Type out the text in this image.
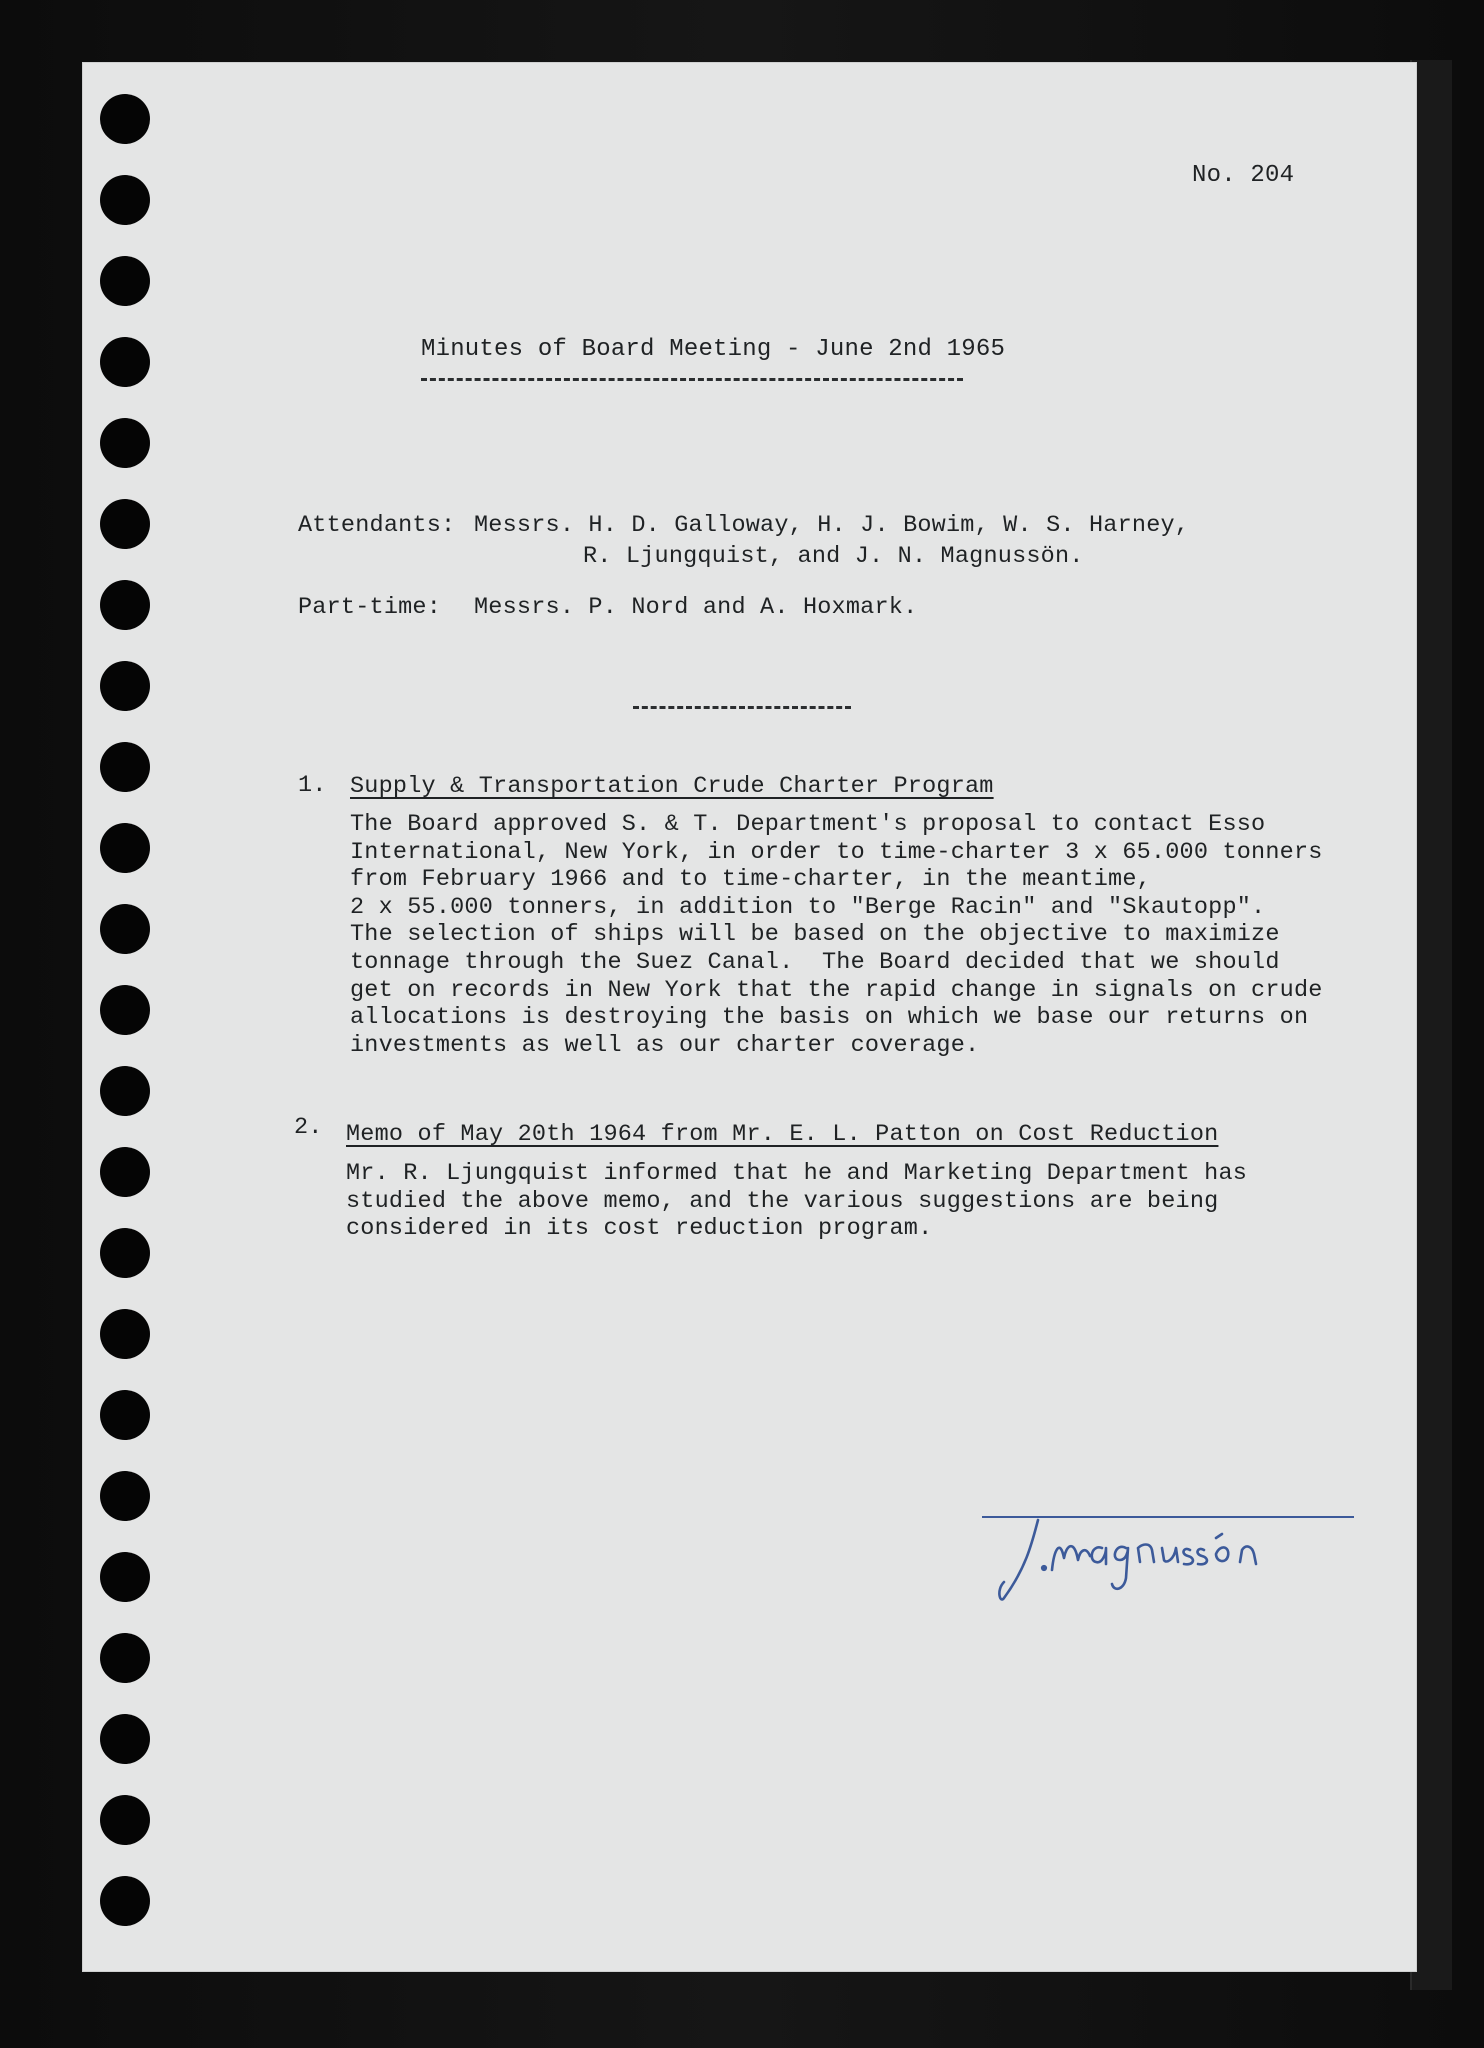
No. 204
Minutes of Board Meeting - June 2nd 1965
Attendants: Messrs. H. D. Galloway, H. J. Bowim, W. S. Harney,
R. Ljungquist, and J. N. Magnussön.
Part-time: Messrs. P. Nord and A. Hoxmark.
1. Supply & Transportation Crude Charter Program
The Board approved S. & T. Department's proposal to contact Esso
International, New York, in order to time-charter 3 x 65.000 tonners
from February 1966 and to time-charter, in the meantime,
2 x 55.000 tonners, in addition to "Berge Racin" and "Skautopp".
The selection of ships will be based on the objective to maximize
tonnage through the Suez Canal.  The Board decided that we should
get on records in New York that the rapid change in signals on crude
allocations is destroying the basis on which we base our returns on
investments as well as our charter coverage.
2. Memo of May 20th 1964 from Mr. E. L. Patton on Cost Reduction
Mr. R. Ljungquist informed that he and Marketing Department has
studied the above memo, and the various suggestions are being
considered in its cost reduction program.
